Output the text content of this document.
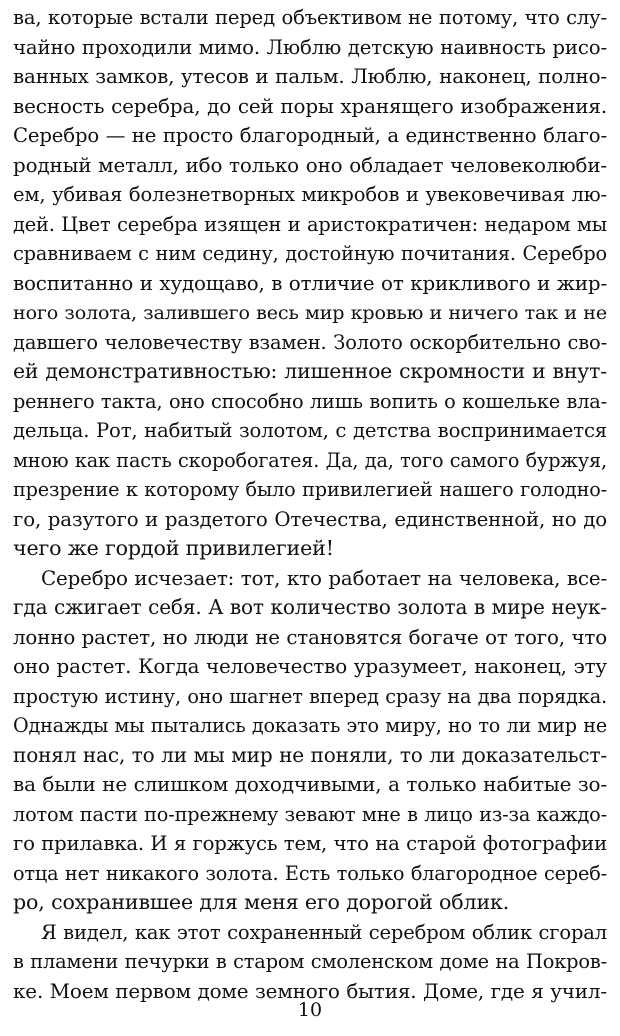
ва, которые встали перед объективом не потому, что слу-
чайно проходили мимо. Люблю детскую наивность рисо-
ванных замков, утесов и пальм. Люблю, наконец, полно-
весность серебра, до сей поры хранящего изображения.
Серебро — не просто благородный, а единственно благо-
родный металл, ибо только оно обладает человеколюби-
ем, убивая болезнетворных микробов и увековечивая лю-
дей. Цвет серебра изящен и аристократичен: недаром мы
сравниваем с ним седину, достойную почитания. Серебро
воспитанно и худощаво, в отличие от крикливого и жир-
ного золота, залившего весь мир кровью и ничего так и не
давшего человечеству взамен. Золото оскорбительно сво-
ей демонстративностью: лишенное скромности и внут-
реннего такта, оно способно лишь вопить о кошельке вла-
дельца. Рот, набитый золотом, с детства воспринимается
мною как пасть скоробогатея. Да, да, того самого буржуя,
презрение к которому было привилегией нашего голодно-
го, разутого и раздетого Отечества, единственной, но до
чего же гордой привилегией!
Серебро исчезает: тот, кто работает на человека, все-
гда сжигает себя. А вот количество золота в мире неук-
лонно растет, но люди не становятся богаче от того, что
оно растет. Когда человечество уразумеет, наконец, эту
простую истину, оно шагнет вперед сразу на два порядка.
Однажды мы пытались доказать это миру, но то ли мир не
понял нас, то ли мы мир не поняли, то ли доказательст-
ва были не слишком доходчивыми, а только набитые зо-
лотом пасти по-прежнему зевают мне в лицо из-за каждо-
го прилавка. И я горжусь тем, что на старой фотографии
отца нет никакого золота. Есть только благородное сереб-
ро, сохранившее для меня его дорогой облик.
Я видел, как этот сохраненный серебром облик сгорал
в пламени печурки в старом смоленском доме на Покров-
ке. Моем первом доме земного бытия. Доме, где я учил-
10
